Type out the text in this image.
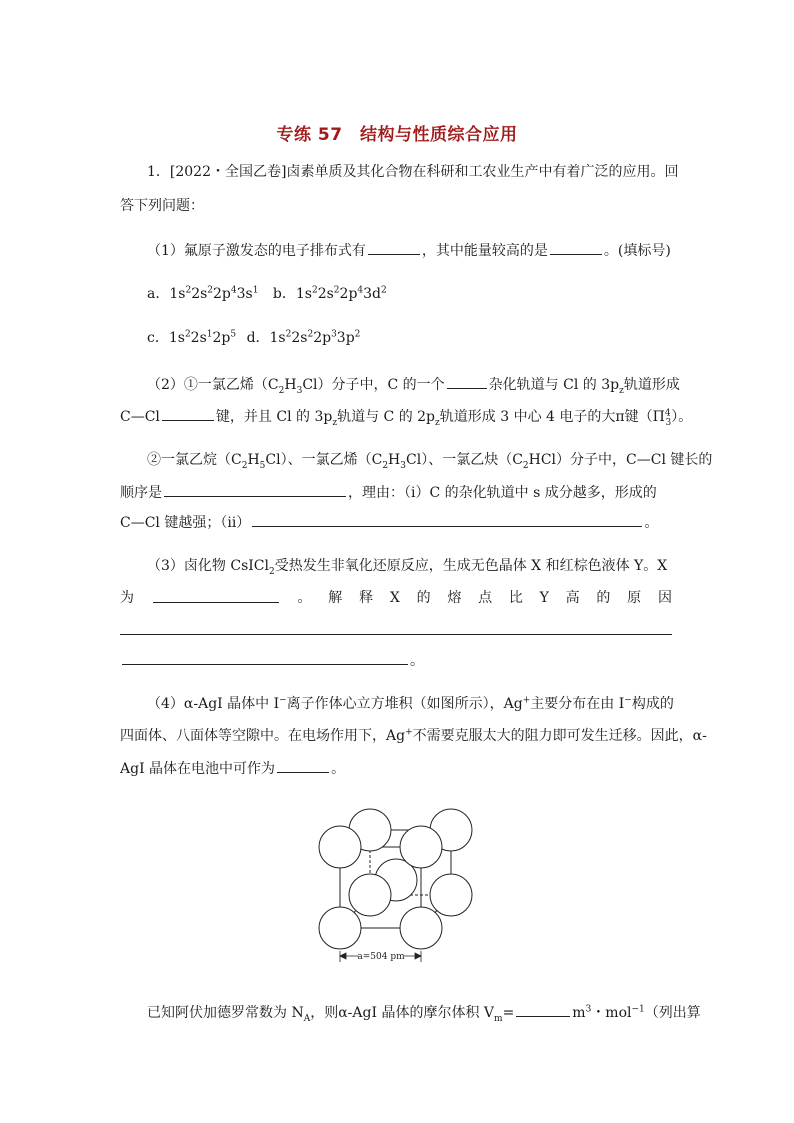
专练 57　结构与性质综合应用
1．[2022・全国乙卷]卤素单质及其化合物在科研和工农业生产中有着广泛的应用。回
答下列问题：
（1）氟原子激发态的电子排布式有	，其中能量较高的是	。(填标号)
a．$1s^22s^22p^43s^1$ b．$1s^22s^22p^43d^2$
c．$1s^22s^12p^5$ d．$1s^22s^22p^33p^2$
（2）①一氯乙烯$(C_2H_3Cl)$分子中，C 的一个	杂化轨道与 Cl 的 $3p_z$轨道形成
C—Cl	键，并且 Cl 的 $3p_z$轨道与 C 的 $2p_z$轨道形成 3 中心 4 电子的大π键$(\Pi^4_3)$。
②一氯乙烷$(C_2H_5Cl)$、一氯乙烯$(C_2H_3Cl)$、一氯乙炔$(C_2HCl)$分子中，C—Cl 键长的
顺序是	，理由：（ⅰ）C 的杂化轨道中 s 成分越多，形成的
C—Cl 键越强；（ⅱ）	。
（3）卤化物 CsICl$_2$受热发生非氧化还原反应，生成无色晶体 X 和红棕色液体 Y。X
为	。 解 释 X 的 熔 点 比 Y 高 的 原 因
。
（4）α-AgI 晶体中 I−离子作体心立方堆积（如图所示），Ag+主要分布在由 I−构成的
四面体、八面体等空隙中。在电场作用下，Ag+不需要克服太大的阻力即可发生迁移。因此，α-
AgI 晶体在电池中可作为	。
a=504 pm
已知阿伏加德罗常数为 $N_A$，则α-AgI 晶体的摩尔体积 $V_m=$	$m^3$・mol$^{-1}$（列出算
